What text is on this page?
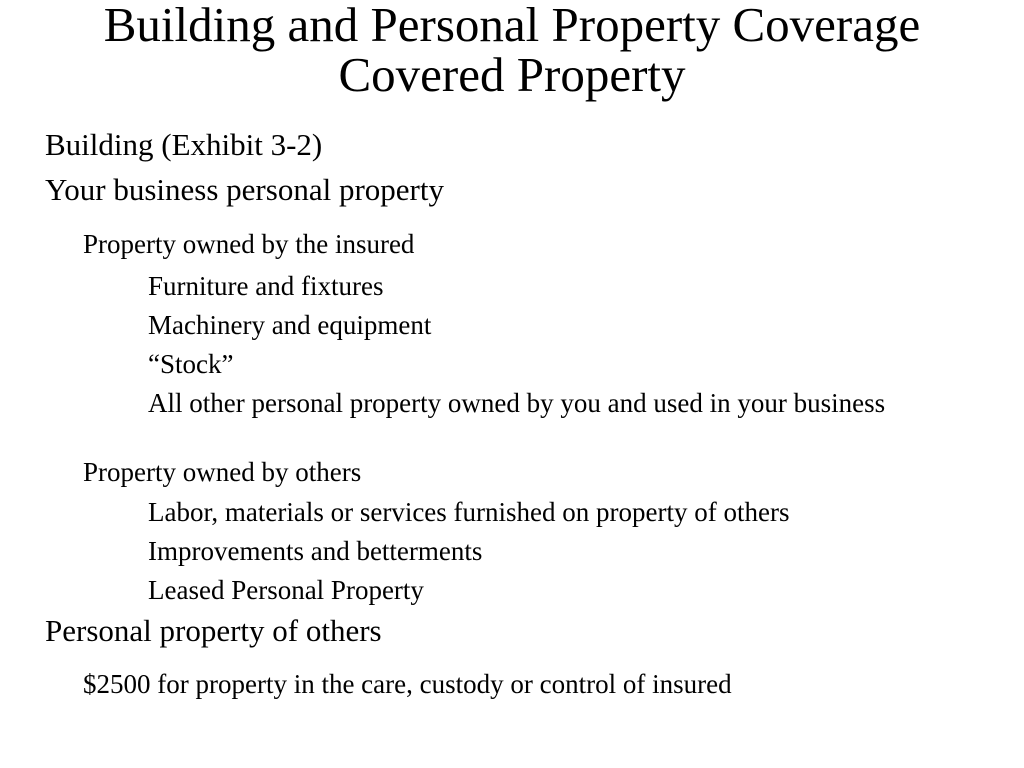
Building and Personal Property Coverage
Covered Property

Building (Exhibit 3-2)

Your business personal property

Property owned by the insured

Furniture and fixtures

Machinery and equipment

“Stock”

All other personal property owned by you and used in your business

Property owned by others

Labor, materials or services furnished on property of others

Improvements and betterments

Leased Personal Property

Personal property of others

$2500 for property in the care, custody or control of insured
